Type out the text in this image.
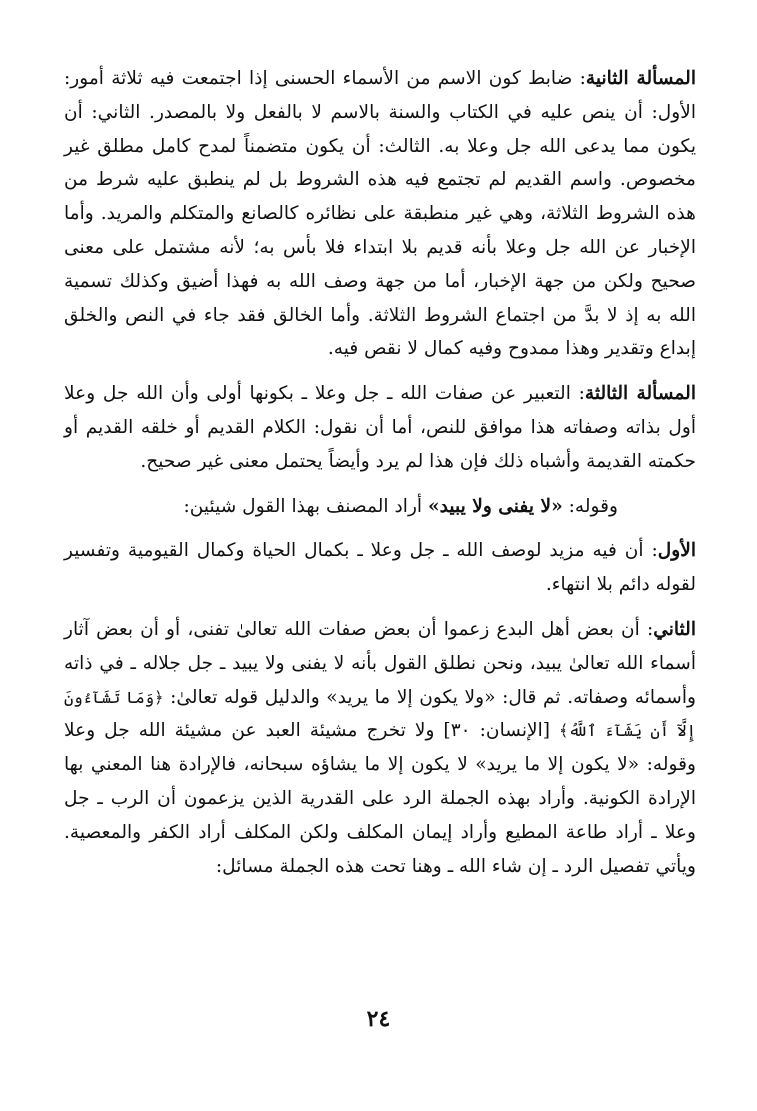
المسألة الثانية: ضابط كون الاسم من الأسماء الحسنى إذا اجتمعت فيه ثلاثة أمور: الأول: أن ينص عليه في الكتاب والسنة بالاسم لا بالفعل ولا بالمصدر. الثاني: أن يكون مما يدعى الله جل وعلا به. الثالث: أن يكون متضمناً لمدح كامل مطلق غير مخصوص. واسم القديم لم تجتمع فيه هذه الشروط بل لم ينطبق عليه شرط من هذه الشروط الثلاثة، وهي غير منطبقة على نظائره كالصانع والمتكلم والمريد. وأما الإخبار عن الله جل وعلا بأنه قديم بلا ابتداء فلا بأس به؛ لأنه مشتمل على معنى صحيح ولكن من جهة الإخبار، أما من جهة وصف الله به فهذا أضيق وكذلك تسمية الله به إذ لا بدَّ من اجتماع الشروط الثلاثة. وأما الخالق فقد جاء في النص والخلق إبداع وتقدير وهذا ممدوح وفيه كمال لا نقص فيه.

المسألة الثالثة: التعبير عن صفات الله ـ جل وعلا ـ بكونها أولى وأن الله جل وعلا أول بذاته وصفاته هذا موافق للنص، أما أن نقول: الكلام القديم أو خلقه القديم أو حكمته القديمة وأشباه ذلك فإن هذا لم يرد وأيضاً يحتمل معنى غير صحيح.

وقوله: «لا يفنى ولا يبيد» أراد المصنف بهذا القول شيئين:

الأول: أن فيه مزيد لوصف الله ـ جل وعلا ـ بكمال الحياة وكمال القيومية وتفسير لقوله دائم بلا انتهاء.

الثاني: أن بعض أهل البدع زعموا أن بعض صفات الله تعالىٰ تفنى، أو أن بعض آثار أسماء الله تعالىٰ يبيد، ونحن نطلق القول بأنه لا يفنى ولا يبيد ـ جل جلاله ـ في ذاته وأسمائه وصفاته. ثم قال: «ولا يكون إلا ما يريد» والدليل قوله تعالىٰ: ﴿وَمَا تَشَآءُونَ إِلَّآ أَن يَشَآءَ ٱللَّهُ﴾ [الإنسان: ٣٠] ولا تخرج مشيئة العبد عن مشيئة الله جل وعلا وقوله: «لا يكون إلا ما يريد» لا يكون إلا ما يشاؤه سبحانه، فالإرادة هنا المعني بها الإرادة الكونية. وأراد بهذه الجملة الرد على القدرية الذين يزعمون أن الرب ـ جل وعلا ـ أراد طاعة المطيع وأراد إيمان المكلف ولكن المكلف أراد الكفر والمعصية. ويأتي تفصيل الرد ـ إن شاء الله ـ وهنا تحت هذه الجملة مسائل:

٢٤
